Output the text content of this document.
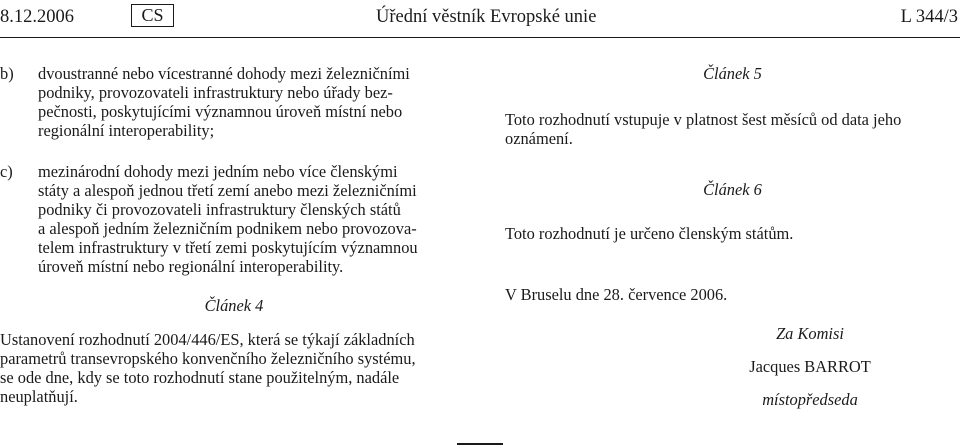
8.12.2006	CS	Úřední věstník Evropské unie	L 344/3
b) dvoustranné nebo vícestranné dohody mezi železničními
podniky, provozovateli infrastruktury nebo úřady bez-
pečnosti, poskytujícími významnou úroveň místní nebo
regionální interoperability;
c) mezinárodní dohody mezi jedním nebo více členskými
státy a alespoň jednou třetí zemí anebo mezi železničními
podniky či provozovateli infrastruktury členských států
a alespoň jedním železničním podnikem nebo provozova-
telem infrastruktury v třetí zemi poskytujícím významnou
úroveň místní nebo regionální interoperability.
Článek 4
Ustanovení rozhodnutí 2004/446/ES, která se týkají základních
parametrů transevropského konvenčního železničního systému,
se ode dne, kdy se toto rozhodnutí stane použitelným, nadále
neuplatňují.
Článek 5
Toto rozhodnutí vstupuje v platnost šest měsíců od data jeho
oznámení.
Článek 6
Toto rozhodnutí je určeno členským státům.
V Bruselu dne 28. července 2006.
Za Komisi
Jacques BARROT
místopředseda
